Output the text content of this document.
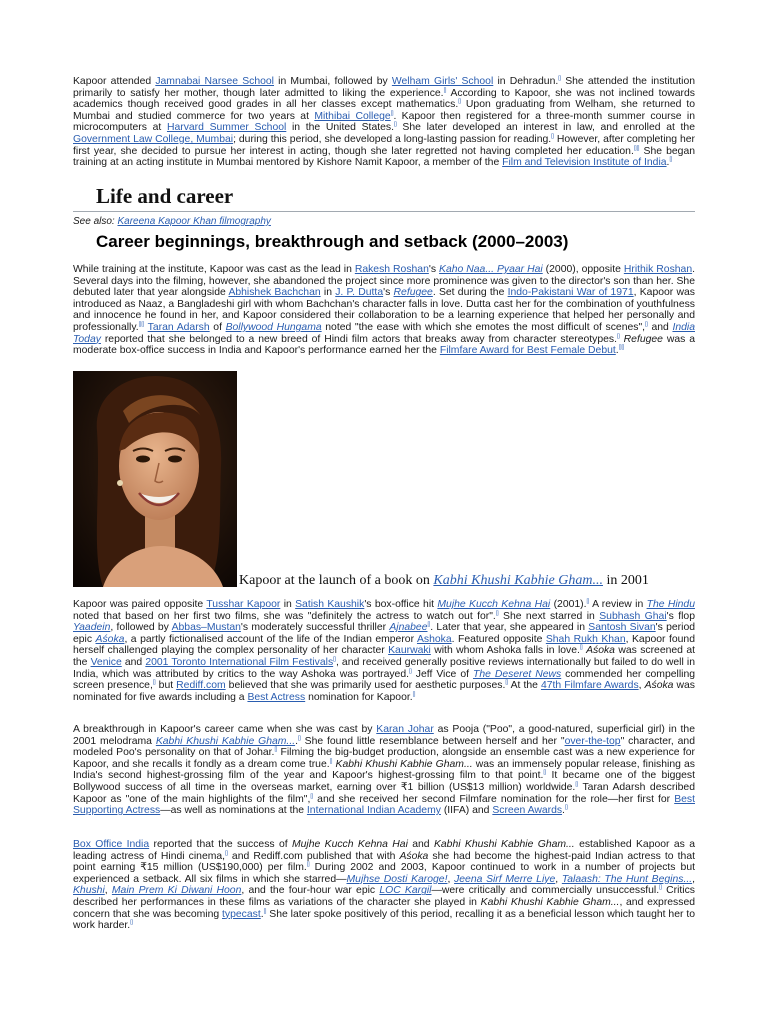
Kapoor attended Jamnabai Narsee School in Mumbai, followed by Welham Girls' School in Dehradun.[] She attended the institution primarily to satisfy her mother, though later admitted to liking the experience.[] According to Kapoor, she was not inclined towards academics though received good grades in all her classes except mathematics.[] Upon graduating from Welham, she returned to Mumbai and studied commerce for two years at Mithibai College[]. Kapoor then registered for a three-month summer course in microcomputers at Harvard Summer School in the United States.[] She later developed an interest in law, and enrolled at the Government Law College, Mumbai; during this period, she developed a long-lasting passion for reading.[] However, after completing her first year, she decided to pursue her interest in acting, though she later regretted not having completed her education.[][] She began training at an acting institute in Mumbai mentored by Kishore Namit Kapoor, a member of the Film and Television Institute of India.[]

Life and career
See also: Kareena Kapoor Khan filmography
Career beginnings, breakthrough and setback (2000–2003)

While training at the institute, Kapoor was cast as the lead in Rakesh Roshan's Kaho Naa... Pyaar Hai (2000), opposite Hrithik Roshan. Several days into the filming, however, she abandoned the project since more prominence was given to the director's son than her. She debuted later that year alongside Abhishek Bachchan in J. P. Dutta's Refugee. Set during the Indo-Pakistani War of 1971, Kapoor was introduced as Naaz, a Bangladeshi girl with whom Bachchan's character falls in love. Dutta cast her for the combination of youthfulness and innocence he found in her, and Kapoor considered their collaboration to be a learning experience that helped her personally and professionally.[][] Taran Adarsh of Bollywood Hungama noted "the ease with which she emotes the most difficult of scenes",[] and India Today reported that she belonged to a new breed of Hindi film actors that breaks away from character stereotypes.[] Refugee was a moderate box-office success in India and Kapoor's performance earned her the Filmfare Award for Best Female Debut.[][]

Kapoor at the launch of a book on Kabhi Khushi Kabhie Gham... in 2001

Kapoor was paired opposite Tusshar Kapoor in Satish Kaushik's box-office hit Mujhe Kucch Kehna Hai (2001).[] A review in The Hindu noted that based on her first two films, she was "definitely the actress to watch out for".[] She next starred in Subhash Ghai's flop Yaadein, followed by Abbas–Mustan's moderately successful thriller Ajnabee[]. Later that year, she appeared in Santosh Sivan's period epic Aśoka, a partly fictionalised account of the life of the Indian emperor Ashoka. Featured opposite Shah Rukh Khan, Kapoor found herself challenged playing the complex personality of her character Kaurwaki with whom Ashoka falls in love.[] Aśoka was screened at the Venice and 2001 Toronto International Film Festivals[], and received generally positive reviews internationally but failed to do well in India, which was attributed by critics to the way Ashoka was portrayed.[] Jeff Vice of The Deseret News commended her compelling screen presence,[] but Rediff.com believed that she was primarily used for aesthetic purposes.[] At the 47th Filmfare Awards, Aśoka was nominated for five awards including a Best Actress nomination for Kapoor.[]

A breakthrough in Kapoor's career came when she was cast by Karan Johar as Pooja ("Poo", a good-natured, superficial girl) in the 2001 melodrama Kabhi Khushi Kabhie Gham....[] She found little resemblance between herself and her "over-the-top" character, and modeled Poo's personality on that of Johar.[] Filming the big-budget production, alongside an ensemble cast was a new experience for Kapoor, and she recalls it fondly as a dream come true.[] Kabhi Khushi Kabhie Gham... was an immensely popular release, finishing as India's second highest-grossing film of the year and Kapoor's highest-grossing film to that point.[] It became one of the biggest Bollywood success of all time in the overseas market, earning over ₹1 billion (US$13 million) worldwide.[] Taran Adarsh described Kapoor as "one of the main highlights of the film",[] and she received her second Filmfare nomination for the role—her first for Best Supporting Actress—as well as nominations at the International Indian Academy (IIFA) and Screen Awards.[]

Box Office India reported that the success of Mujhe Kucch Kehna Hai and Kabhi Khushi Kabhie Gham... established Kapoor as a leading actress of Hindi cinema,[] and Rediff.com published that with Aśoka she had become the highest-paid Indian actress to that point earning ₹15 million (US$190,000) per film.[] During 2002 and 2003, Kapoor continued to work in a number of projects but experienced a setback. All six films in which she starred—Mujhse Dosti Karoge!, Jeena Sirf Merre Liye, Talaash: The Hunt Begins..., Khushi, Main Prem Ki Diwani Hoon, and the four-hour war epic LOC Kargil—were critically and commercially unsuccessful.[] Critics described her performances in these films as variations of the character she played in Kabhi Khushi Kabhie Gham..., and expressed concern that she was becoming typecast.[] She later spoke positively of this period, recalling it as a beneficial lesson which taught her to work harder.[]
